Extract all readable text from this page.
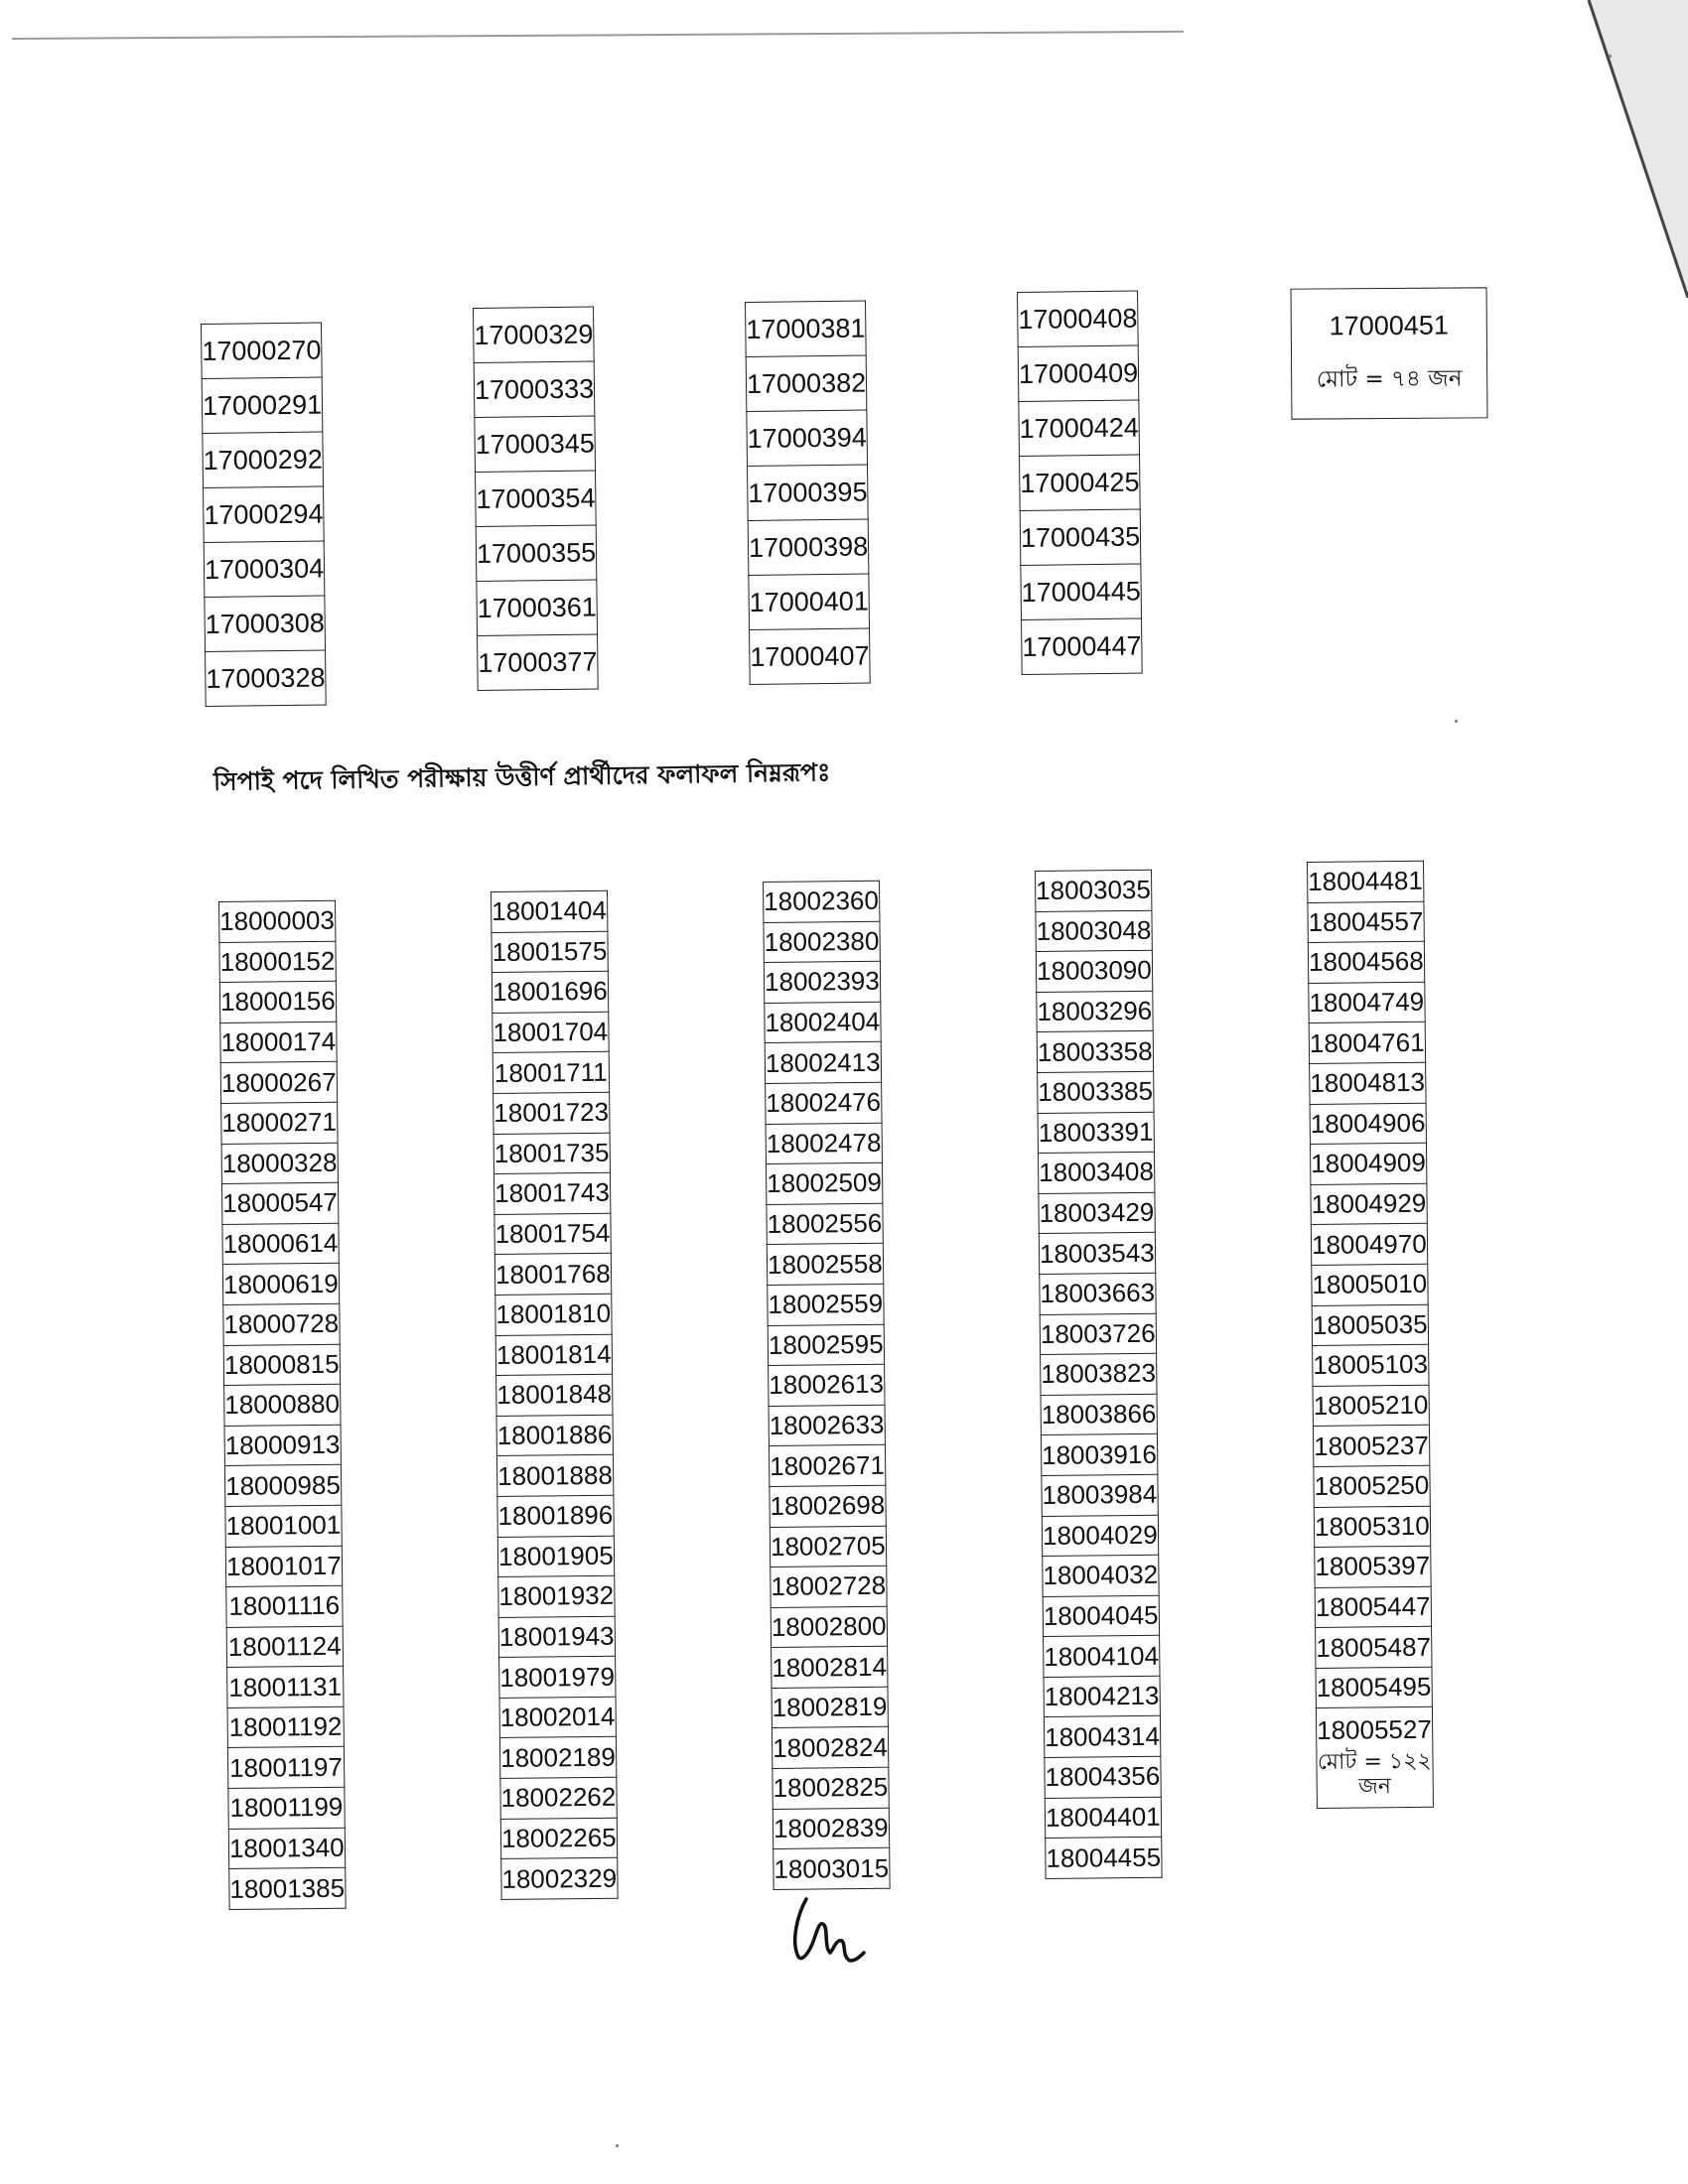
17000270
17000291
17000292
17000294
17000304
17000308
17000328
17000329
17000333
17000345
17000354
17000355
17000361
17000377
17000381
17000382
17000394
17000395
17000398
17000401
17000407
17000408
17000409
17000424
17000425
17000435
17000445
17000447
17000451
মোট = ৭৪ জন
সিপাই পদে লিখিত পরীক্ষায় উত্তীর্ণ প্রার্থীদের ফলাফল নিম্নরূপঃ
18000003
18000152
18000156
18000174
18000267
18000271
18000328
18000547
18000614
18000619
18000728
18000815
18000880
18000913
18000985
18001001
18001017
18001116
18001124
18001131
18001192
18001197
18001199
18001340
18001385
18001404
18001575
18001696
18001704
18001711
18001723
18001735
18001743
18001754
18001768
18001810
18001814
18001848
18001886
18001888
18001896
18001905
18001932
18001943
18001979
18002014
18002189
18002262
18002265
18002329
18002360
18002380
18002393
18002404
18002413
18002476
18002478
18002509
18002556
18002558
18002559
18002595
18002613
18002633
18002671
18002698
18002705
18002728
18002800
18002814
18002819
18002824
18002825
18002839
18003015
18003035
18003048
18003090
18003296
18003358
18003385
18003391
18003408
18003429
18003543
18003663
18003726
18003823
18003866
18003916
18003984
18004029
18004032
18004045
18004104
18004213
18004314
18004356
18004401
18004455
18004481
18004557
18004568
18004749
18004761
18004813
18004906
18004909
18004929
18004970
18005010
18005035
18005103
18005210
18005237
18005250
18005310
18005397
18005447
18005487
18005495

18005527
মোট = ১২২ জন
